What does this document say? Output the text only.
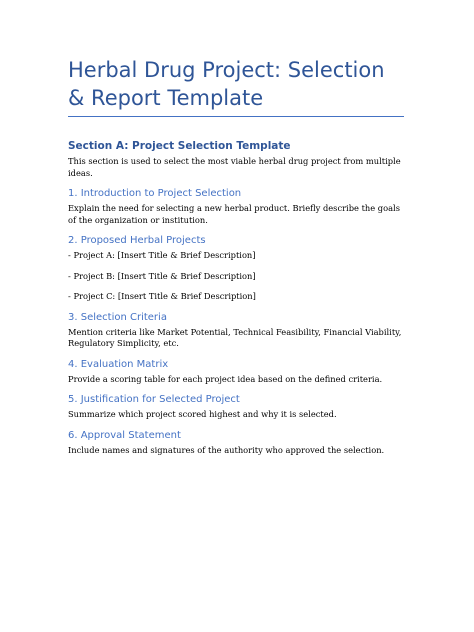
Herbal Drug Project: Selection & Report Template
Section A: Project Selection Template

This section is used to select the most viable herbal drug project from multiple ideas.

1. Introduction to Project Selection

Explain the need for selecting a new herbal product. Briefly describe the goals of the organization or institution.

2. Proposed Herbal Projects

- Project A: [Insert Title & Brief Description]

- Project B: [Insert Title & Brief Description]

- Project C: [Insert Title & Brief Description]

3. Selection Criteria

Mention criteria like Market Potential, Technical Feasibility, Financial Viability, Regulatory Simplicity, etc.

4. Evaluation Matrix

Provide a scoring table for each project idea based on the defined criteria.

5. Justification for Selected Project

Summarize which project scored highest and why it is selected.

6. Approval Statement

Include names and signatures of the authority who approved the selection.
